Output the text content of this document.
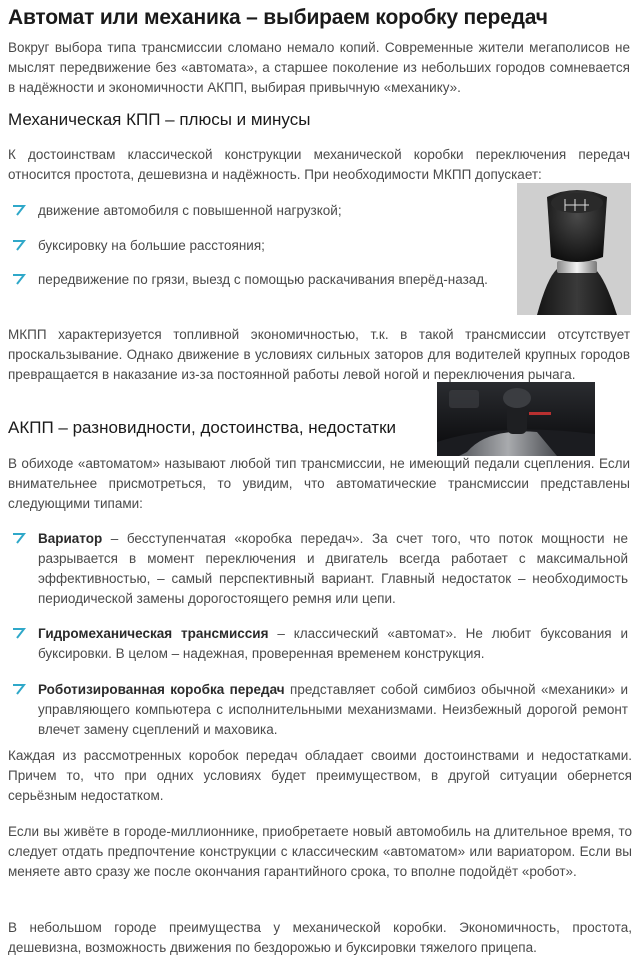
Автомат или механика – выбираем коробку передач

Вокруг выбора типа трансмиссии сломано немало копий. Современные жители мегаполисов не мыслят передвижение без «автомата», а старшее поколение из небольших городов сомневается в надёжности и экономичности АКПП, выбирая привычную «механику».

Механическая КПП – плюсы и минусы

К достоинствам классической конструкции механической коробки переключения передач относится простота, дешевизна и надёжность. При необходимости МКПП допускает:

движение автомобиля с повышенной нагрузкой;

буксировку на большие расстояния;

передвижение по грязи, выезд с помощью раскачивания вперёд-назад.

МКПП характеризуется топливной экономичностью, т.к. в такой трансмиссии отсутствует проскальзывание. Однако движение в условиях сильных заторов для водителей крупных городов превращается в наказание из-за постоянной работы левой ногой и переключения рычага.

АКПП – разновидности, достоинства, недостатки

В обиходе «автоматом» называют любой тип трансмиссии, не имеющий педали сцепления. Если внимательнее присмотреться, то увидим, что автоматические трансмиссии представлены следующими типами:

Вариатор – бесступенчатая «коробка передач». За счет того, что поток мощности не разрывается в момент переключения и двигатель всегда работает с максимальной эффективностью, – самый перспективный вариант. Главный недостаток – необходимость периодической замены дорогостоящего ремня или цепи.

Гидромеханическая трансмиссия – классический «автомат». Не любит буксования и буксировки. В целом – надежная, проверенная временем конструкция.

Роботизированная коробка передач представляет собой симбиоз обычной «механики» и управляющего компьютера с исполнительными механизмами. Неизбежный дорогой ремонт влечет замену сцеплений и маховика.

Каждая из рассмотренных коробок передач обладает своими достоинствами и недостатками. Причем то, что при одних условиях будет преимуществом, в другой ситуации обернется серьёзным недостатком.

Если вы живёте в городе-миллионнике, приобретаете новый автомобиль на длительное время, то следует отдать предпочтение конструкции с классическим «автоматом» или вариатором. Если вы меняете авто сразу же после окончания гарантийного срока, то вполне подойдёт «робот».

В небольшом городе преимущества у механической коробки. Экономичность, простота, дешевизна, возможность движения по бездорожью и буксировки тяжелого прицепа.
